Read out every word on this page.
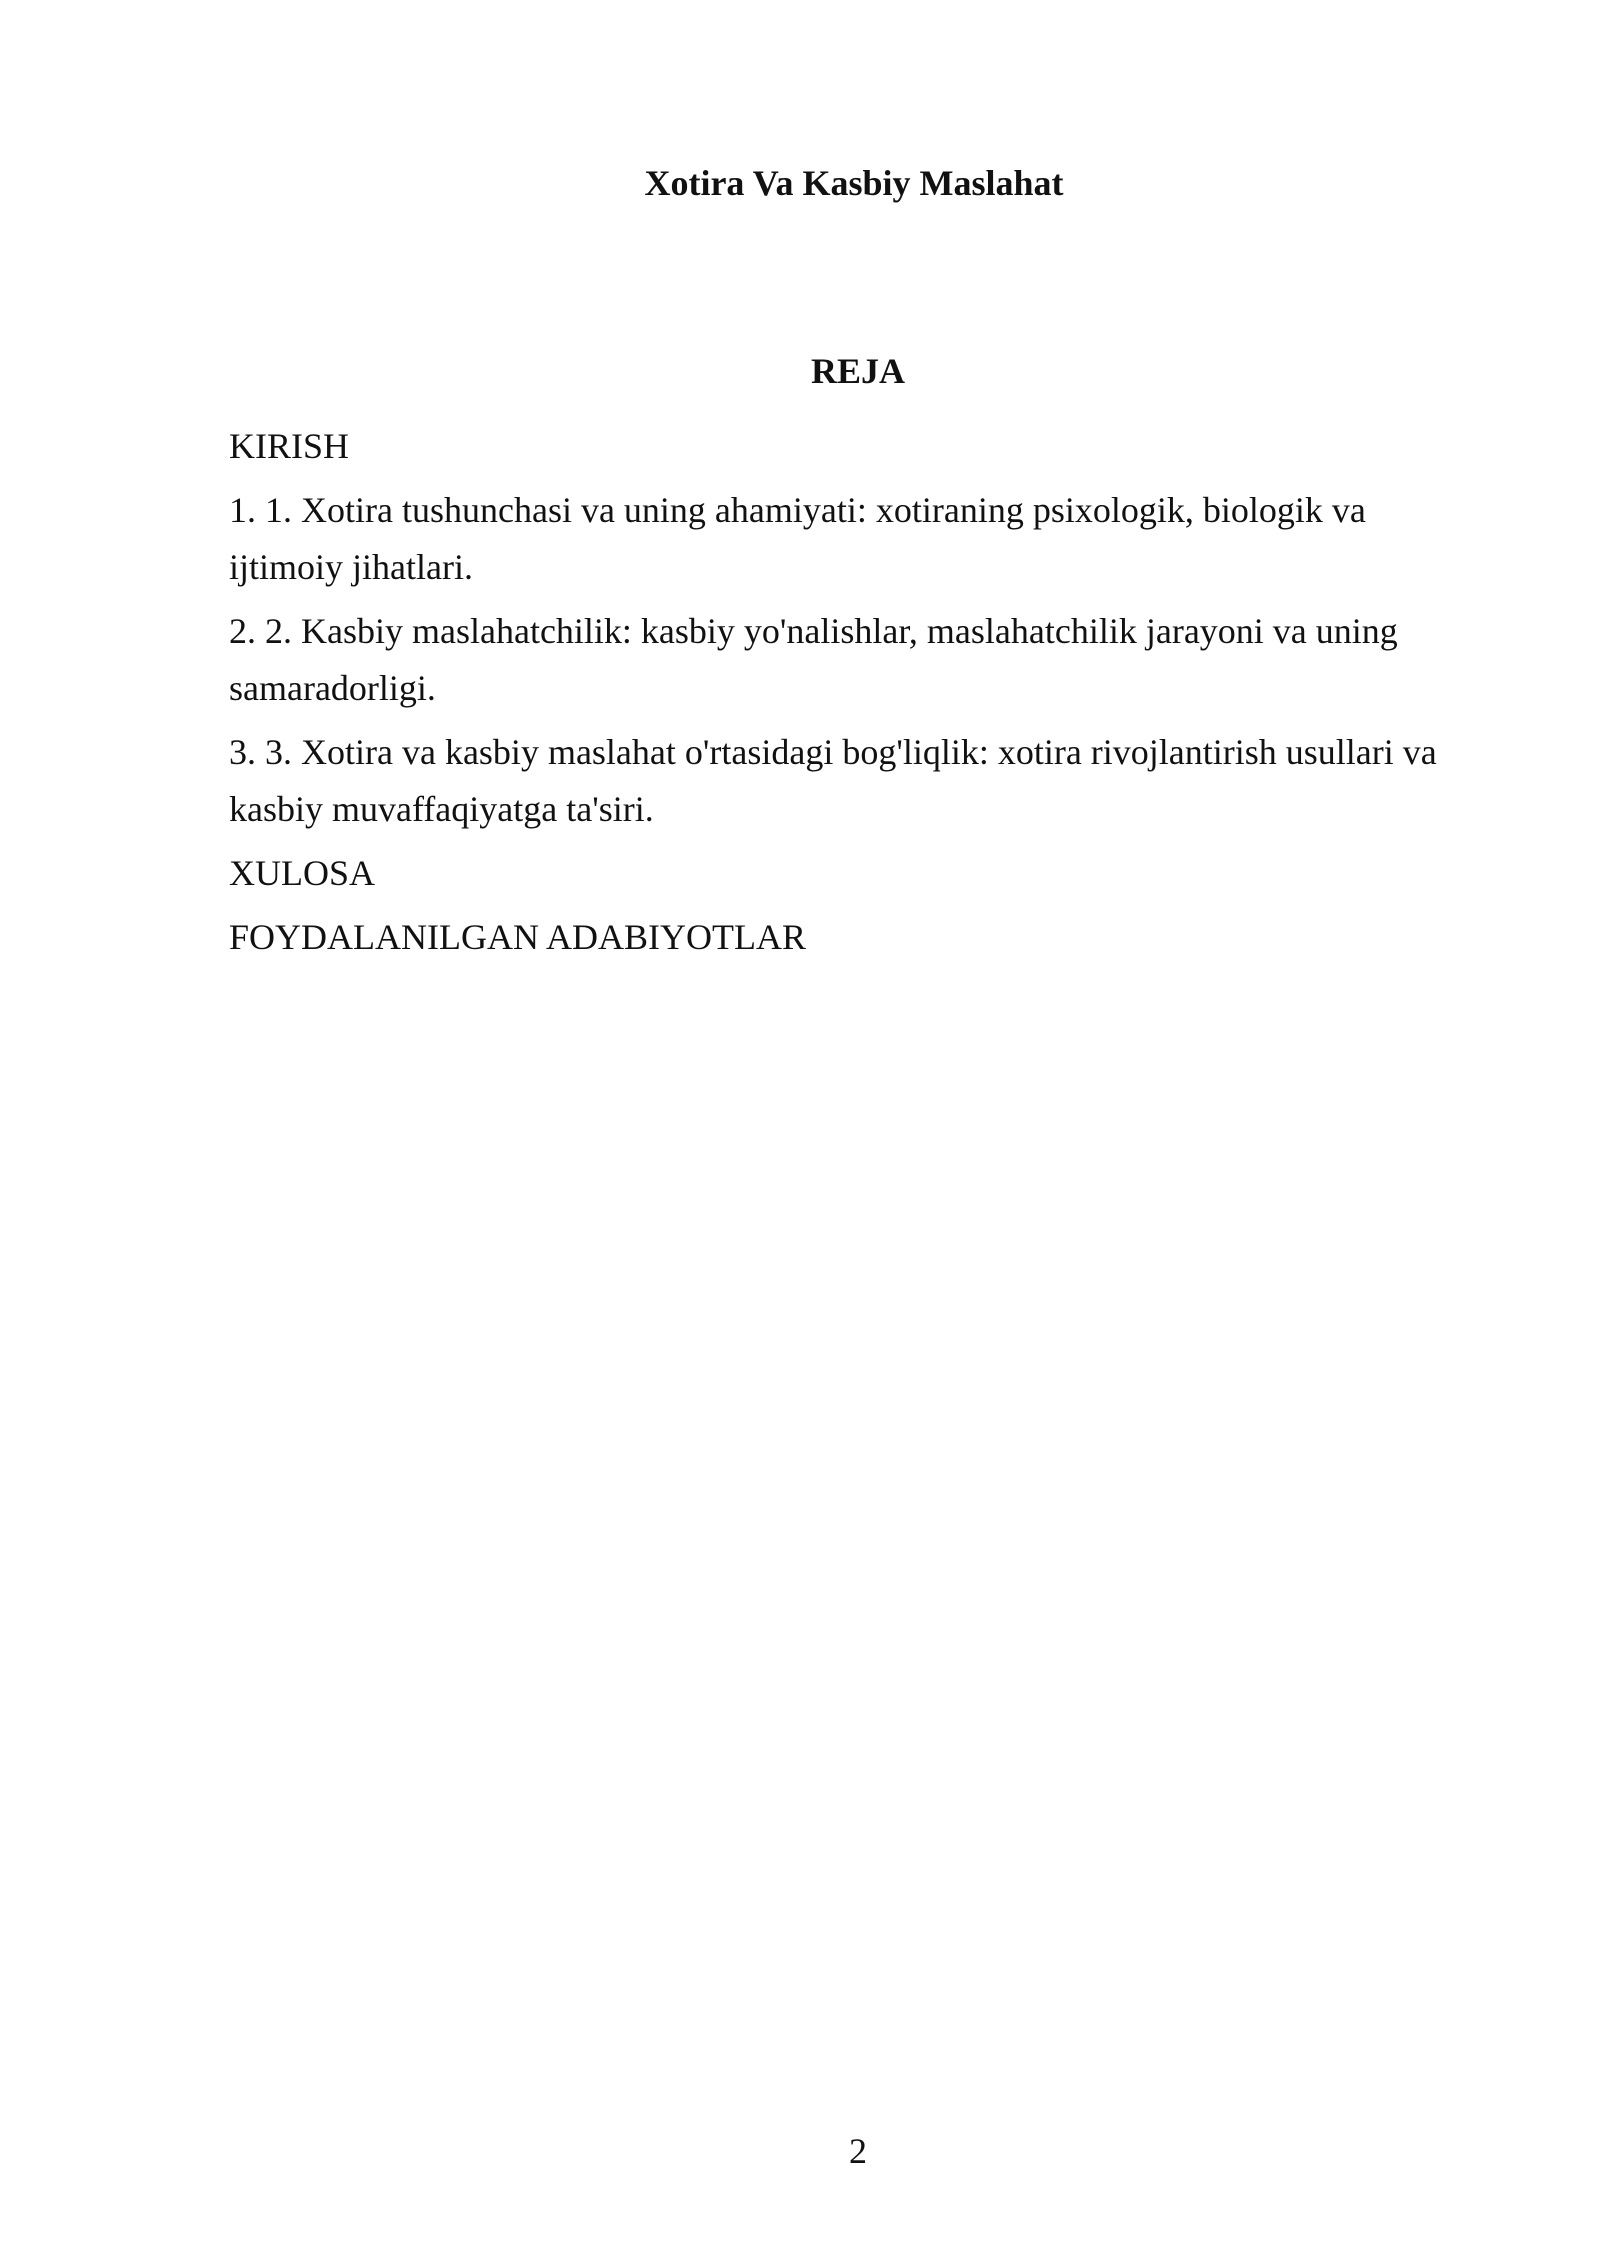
Xotira Va Kasbiy Maslahat
REJA
KIRISH
1. 1. Xotira tushunchasi va uning ahamiyati: xotiraning psixologik, biologik va ijtimoiy jihatlari.
2. 2. Kasbiy maslahatchilik: kasbiy yo'nalishlar, maslahatchilik jarayoni va uning samaradorligi.
3. 3. Xotira va kasbiy maslahat o'rtasidagi bog'liqlik: xotira rivojlantirish usullari va kasbiy muvaffaqiyatga ta'siri.
XULOSA
FOYDALANILGAN ADABIYOTLAR
2
